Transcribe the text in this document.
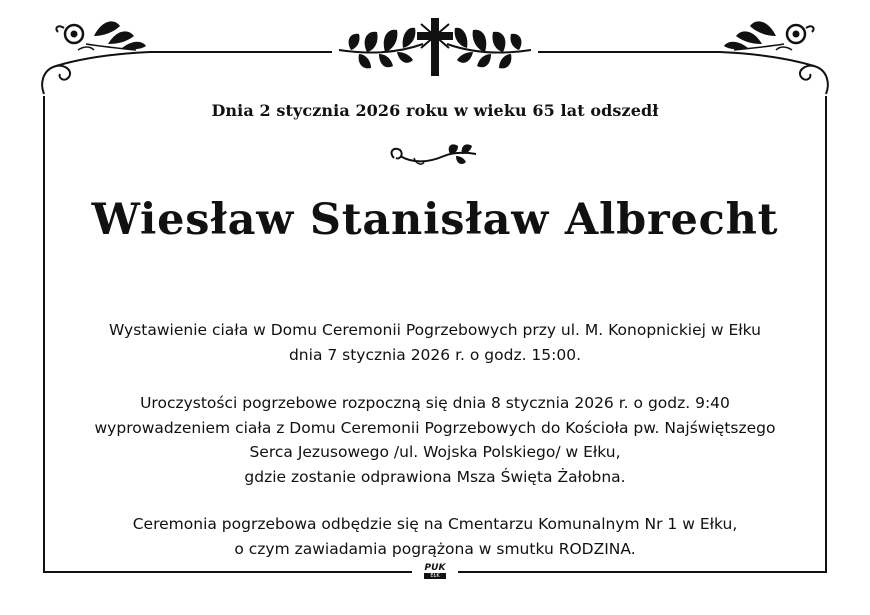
Dnia 2 stycznia 2026 roku w wieku 65 lat odszedł
Wiesław Stanisław Albrecht
Wystawienie ciała w Domu Ceremonii Pogrzebowych przy ul. M. Konopnickiej w Ełku
dnia 7 stycznia 2026 r. o godz. 15:00.
Uroczystości pogrzebowe rozpoczną się dnia 8 stycznia 2026 r. o godz. 9:40
wyprowadzeniem ciała z Domu Ceremonii Pogrzebowych do Kościoła pw. Najświętszego
Serca Jezusowego /ul. Wojska Polskiego/ w Ełku,
gdzie zostanie odprawiona Msza Święta Żałobna.
Ceremonia pogrzebowa odbędzie się na Cmentarzu Komunalnym Nr 1 w Ełku,
o czym zawiadamia pogrążona w smutku RODZINA.
PUK
EŁK
